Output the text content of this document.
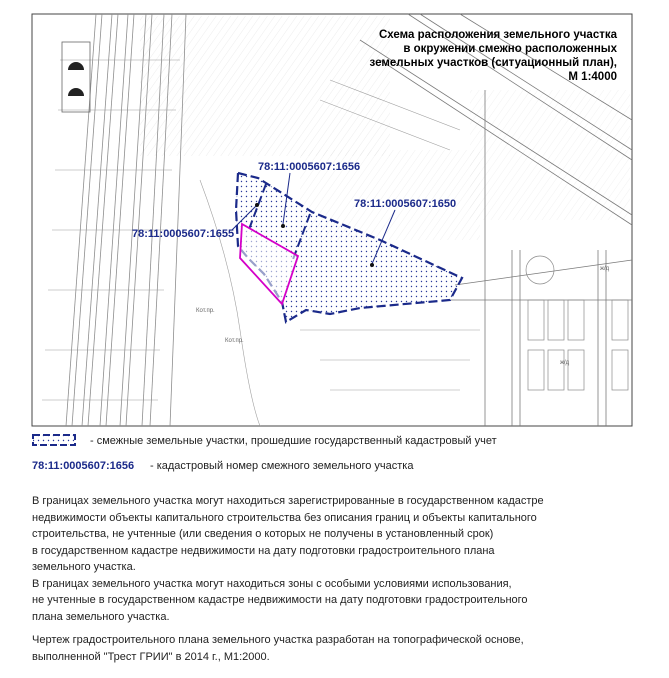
Кот.пр.
Кот.пр.
ж/д
ж/д
Схема расположения земельного участка
в окружении смежно расположенных
земельных участков (ситуационный план),
М 1:4000
78:11:0005607:1656
78:11:0005607:1650
78:11:0005607:1655
- смежные земельные участки, прошедшие государственный кадастровый учет
78:11:0005607:1656 - кадастровый номер смежного земельного участка

В границах земельного участка могут находиться зарегистрированные в государственном кадастре

недвижимости объекты капитального строительства без описания границ и объекты капитального

строительства, не учтенные (или сведения о которых не получены в установленный срок)

в государственном кадастре недвижимости на дату подготовки градостроительного плана

земельного участка.

В границах земельного участка могут находиться зоны с особыми условиями использования,

не учтенные в государственном кадастре недвижимости на дату подготовки градостроительного

плана земельного участка.

Чертеж градостроительного плана земельного участка разработан на топографической основе,

выполненной "Трест ГРИИ" в 2014 г., М1:2000.
